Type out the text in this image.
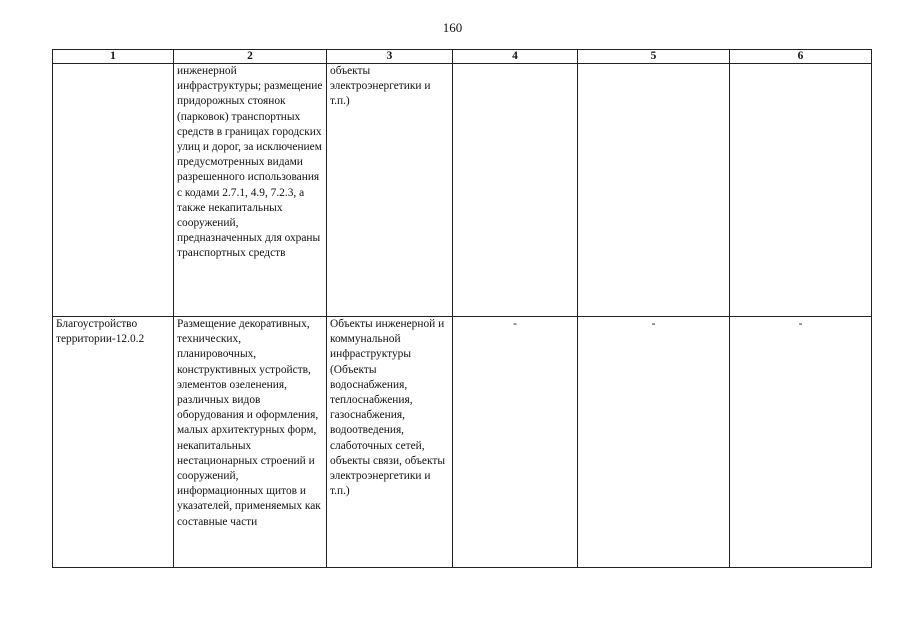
160
1	2	3	4	5	6
	инженерной инфраструктуры; размещение придорожных стоянок (парковок) транспортных средств в границах городских улиц и дорог, за исключением предусмотренных видами разрешенного использования с кодами 2.7.1, 4.9, 7.2.3, а также некапитальных сооружений, предназначенных для охраны транспортных средств	объекты электроэнергетики и т.п.)			
Благоустройство территории-12.0.2	Размещение декоративных, технических, планировочных, конструктивных устройств, элементов озеленения, различных видов оборудования и оформления, малых архитектурных форм, некапитальных нестационарных строений и сооружений, информационных щитов и указателей, применяемых как составные части	Объекты инженерной и коммунальной инфраструктуры (Объекты водоснабжения, теплоснабжения, газоснабжения, водоотведения, слаботочных сетей, объекты связи, объекты электроэнергетики и т.п.)	-	-	-
